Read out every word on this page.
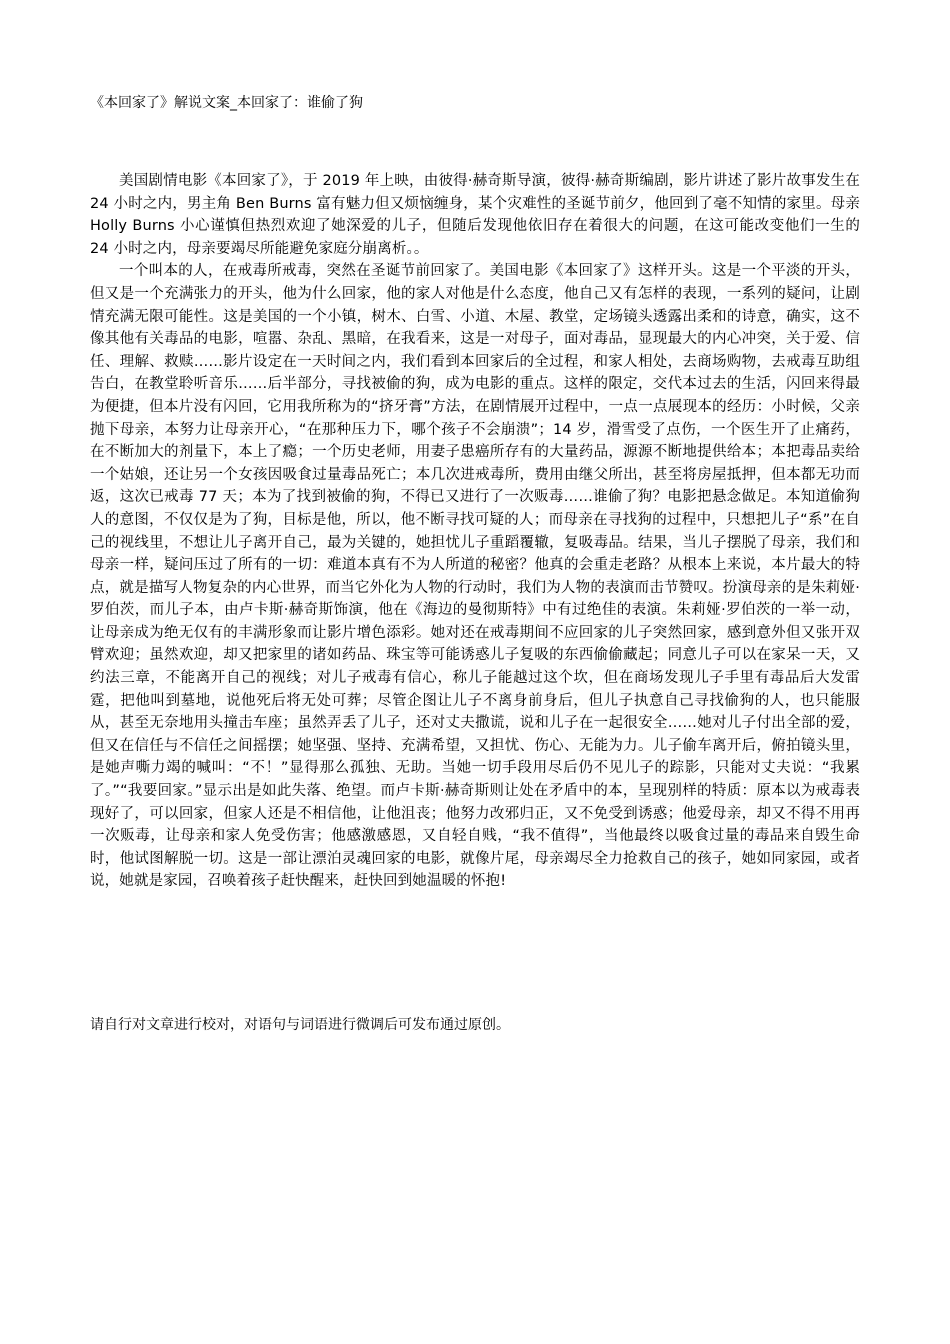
《本回家了》解说文案_本回家了：谁偷了狗

美国剧情电影《本回家了》，于 2019 年上映，由彼得·赫奇斯导演，彼得·赫奇斯编剧，影片讲述了影片故事发生在 24 小时之内，男主角 Ben Burns 富有魅力但又烦恼缠身，某个灾难性的圣诞节前夕，他回到了毫不知情的家里。母亲 Holly Burns 小心谨慎但热烈欢迎了她深爱的儿子，但随后发现他依旧存在着很大的问题，在这可能改变他们一生的 24 小时之内，母亲要竭尽所能避免家庭分崩离析。。

一个叫本的人，在戒毒所戒毒，突然在圣诞节前回家了。美国电影《本回家了》这样开头。这是一个平淡的开头，但又是一个充满张力的开头，他为什么回家，他的家人对他是什么态度，他自己又有怎样的表现，一系列的疑问，让剧情充满无限可能性。这是美国的一个小镇，树木、白雪、小道、木屋、教堂，定场镜头透露出柔和的诗意，确实，这不像其他有关毒品的电影，喧嚣、杂乱、黑暗，在我看来，这是一对母子，面对毒品，显现最大的内心冲突，关于爱、信任、理解、救赎……影片设定在一天时间之内，我们看到本回家后的全过程，和家人相处，去商场购物，去戒毒互助组告白，在教堂聆听音乐……后半部分，寻找被偷的狗，成为电影的重点。这样的限定，交代本过去的生活，闪回来得最为便捷，但本片没有闪回，它用我所称为的“挤牙膏”方法，在剧情展开过程中，一点一点展现本的经历：小时候，父亲抛下母亲，本努力让母亲开心，“在那种压力下，哪个孩子不会崩溃”；14 岁，滑雪受了点伤，一个医生开了止痛药，在不断加大的剂量下，本上了瘾；一个历史老师，用妻子患癌所存有的大量药品，源源不断地提供给本；本把毒品卖给一个姑娘，还让另一个女孩因吸食过量毒品死亡；本几次进戒毒所，费用由继父所出，甚至将房屋抵押，但本都无功而返，这次已戒毒 77 天；本为了找到被偷的狗，不得已又进行了一次贩毒……谁偷了狗？电影把悬念做足。本知道偷狗人的意图，不仅仅是为了狗，目标是他，所以，他不断寻找可疑的人；而母亲在寻找狗的过程中，只想把儿子“系”在自己的视线里，不想让儿子离开自己，最为关键的，她担忧儿子重蹈覆辙，复吸毒品。结果，当儿子摆脱了母亲，我们和母亲一样，疑问压过了所有的一切：难道本真有不为人所道的秘密？他真的会重走老路？从根本上来说，本片最大的特点，就是描写人物复杂的内心世界，而当它外化为人物的行动时，我们为人物的表演而击节赞叹。扮演母亲的是朱莉娅·罗伯茨，而儿子本，由卢卡斯·赫奇斯饰演，他在《海边的曼彻斯特》中有过绝佳的表演。朱莉娅·罗伯茨的一举一动，让母亲成为绝无仅有的丰满形象而让影片增色添彩。她对还在戒毒期间不应回家的儿子突然回家，感到意外但又张开双臂欢迎；虽然欢迎，却又把家里的诸如药品、珠宝等可能诱惑儿子复吸的东西偷偷藏起；同意儿子可以在家呆一天，又约法三章，不能离开自己的视线；对儿子戒毒有信心，称儿子能越过这个坎，但在商场发现儿子手里有毒品后大发雷霆，把他叫到墓地，说他死后将无处可葬；尽管企图让儿子不离身前身后，但儿子执意自己寻找偷狗的人，也只能服从，甚至无奈地用头撞击车座；虽然弄丢了儿子，还对丈夫撒谎，说和儿子在一起很安全……她对儿子付出全部的爱，但又在信任与不信任之间摇摆；她坚强、坚持、充满希望，又担忧、伤心、无能为力。儿子偷车离开后，俯拍镜头里，是她声嘶力竭的喊叫：“不！”显得那么孤独、无助。当她一切手段用尽后仍不见儿子的踪影，只能对丈夫说：“我累了。”“我要回家。”显示出是如此失落、绝望。而卢卡斯·赫奇斯则让处在矛盾中的本，呈现别样的特质：原本以为戒毒表现好了，可以回家，但家人还是不相信他，让他沮丧；他努力改邪归正，又不免受到诱惑；他爱母亲，却又不得不用再一次贩毒，让母亲和家人免受伤害；他感激感恩，又自轻自贱，“我不值得”，当他最终以吸食过量的毒品来自毁生命时，他试图解脱一切。这是一部让漂泊灵魂回家的电影，就像片尾，母亲竭尽全力抢救自己的孩子，她如同家园，或者说，她就是家园，召唤着孩子赶快醒来，赶快回到她温暖的怀抱!

请自行对文章进行校对，对语句与词语进行微调后可发布通过原创。
